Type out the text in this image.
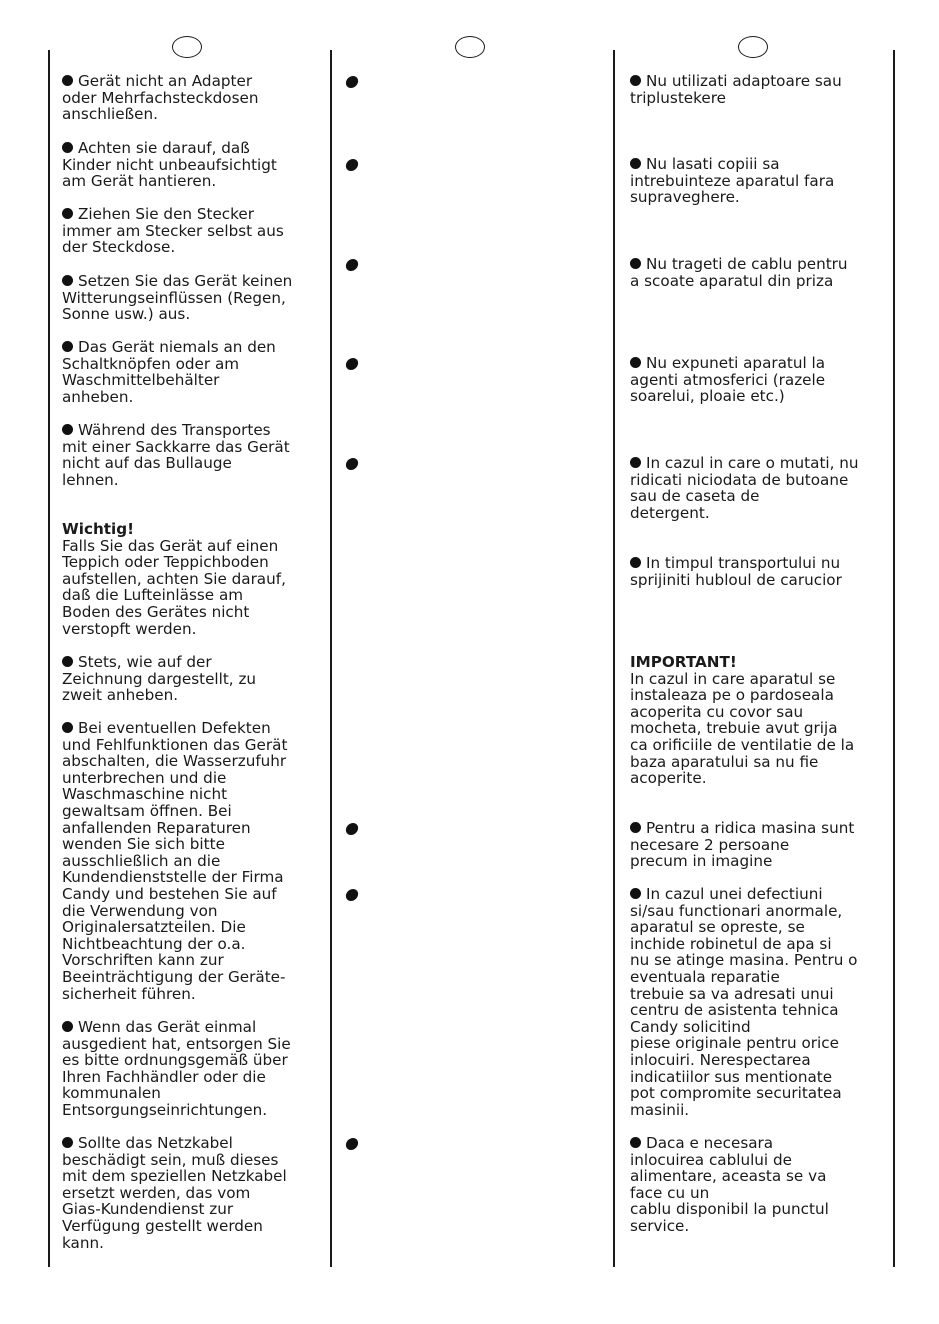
Gerät nicht an Adapter
oder Mehrfachsteckdosen
anschließen.
Achten sie darauf, daß
Kinder nicht unbeaufsichtigt
am Gerät hantieren.
Ziehen Sie den Stecker
immer am Stecker selbst aus
der Steckdose.
Setzen Sie das Gerät keinen
Witterungseinflüssen (Regen,
Sonne usw.) aus.
Das Gerät niemals an den
Schaltknöpfen oder am
Waschmittelbehälter
anheben.
Während des Transportes
mit einer Sackkarre das Gerät
nicht auf das Bullauge
lehnen.
Wichtig!
Falls Sie das Gerät auf einen
Teppich oder Teppichboden
aufstellen, achten Sie darauf,
daß die Lufteinlässe am
Boden des Gerätes nicht
verstopft werden.
Stets, wie auf der
Zeichnung dargestellt, zu
zweit anheben.
Bei eventuellen Defekten
und Fehlfunktionen das Gerät
abschalten, die Wasserzufuhr
unterbrechen und die
Waschmaschine nicht
gewaltsam öffnen. Bei
anfallenden Reparaturen
wenden Sie sich bitte
ausschließlich an die
Kundendienststelle der Firma
Candy und bestehen Sie auf
die Verwendung von
Originalersatzteilen. Die
Nichtbeachtung der o.a.
Vorschriften kann zur
Beeinträchtigung der Geräte-
sicherheit führen.
Wenn das Gerät einmal
ausgedient hat, entsorgen Sie
es bitte ordnungsgemäß über
Ihren Fachhändler oder die
kommunalen
Entsorgungseinrichtungen.
Sollte das Netzkabel
beschädigt sein, muß dieses
mit dem speziellen Netzkabel
ersetzt werden, das vom
Gias-Kundendienst zur
Verfügung gestellt werden
kann.
Nu utilizati adaptoare sau
triplustekere
Nu lasati copiii sa
intrebuinteze aparatul fara
supraveghere.
Nu trageti de cablu pentru
a scoate aparatul din priza
Nu expuneti aparatul la
agenti atmosferici (razele
soarelui, ploaie etc.)
In cazul in care o mutati, nu
ridicati niciodata de butoane
sau de caseta de
detergent.
In timpul transportului nu
sprijiniti hubloul de carucior
IMPORTANT!
In cazul in care aparatul se
instaleaza pe o pardoseala
acoperita cu covor sau
mocheta, trebuie avut grija
ca orificiile de ventilatie de la
baza aparatului sa nu fie
acoperite.
Pentru a ridica masina sunt
necesare 2 persoane
precum in imagine
In cazul unei defectiuni
si/sau functionari anormale,
aparatul se opreste, se
inchide robinetul de apa si
nu se atinge masina. Pentru o
eventuala reparatie
trebuie sa va adresati unui
centru de asistenta tehnica
Candy solicitind
piese originale pentru orice
inlocuiri. Nerespectarea
indicatiilor sus mentionate
pot compromite securitatea
masinii.
Daca e necesara
inlocuirea cablului de
alimentare, aceasta se va
face cu un
cablu disponibil la punctul
service.
